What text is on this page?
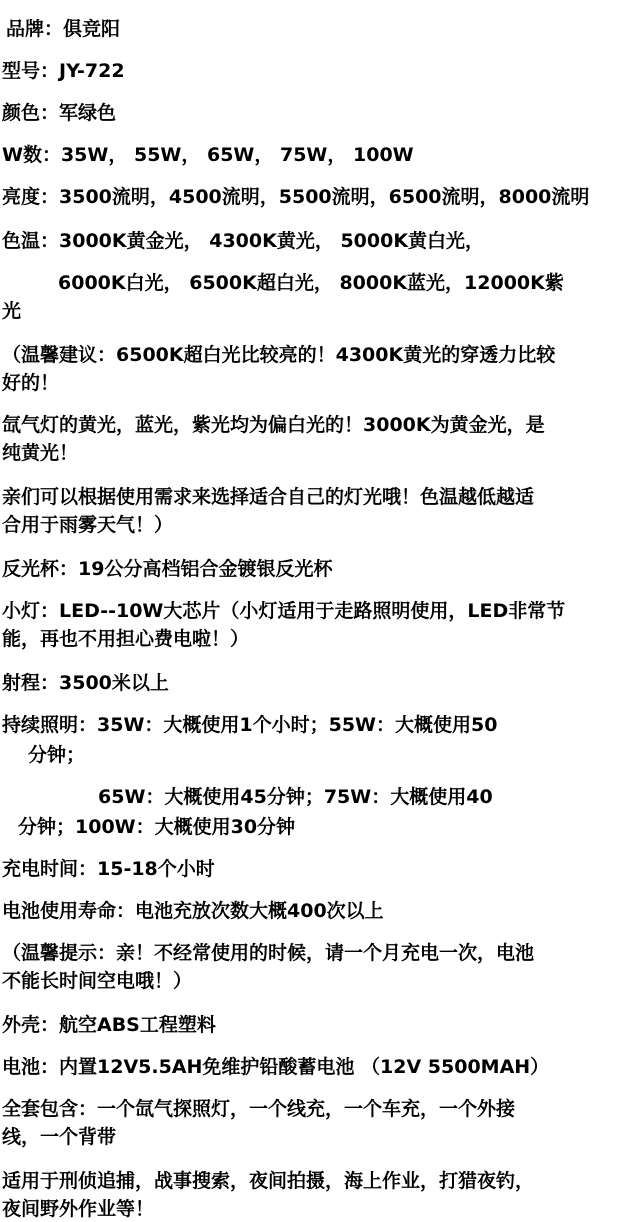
品牌：俱竞阳

型号：JY-722

颜色：军绿色

W数：35W， 55W， 65W， 75W， 100W

亮度：3500流明，4500流明，5500流明，6500流明，8000流明

色温：3000K黄金光， 4300K黄光， 5000K黄白光，

6000K白光， 6500K超白光， 8000K蓝光，12000K紫

光

（温馨建议：6500K超白光比较亮的！4300K黄光的穿透力比较

好的！

氙气灯的黄光，蓝光，紫光均为偏白光的！3000K为黄金光，是

纯黄光！

亲们可以根据使用需求来选择适合自己的灯光哦！色温越低越适

合用于雨雾天气！）

反光杯：19公分高档铝合金镀银反光杯

小灯：LED--10W大芯片（小灯适用于走路照明使用，LED非常节

能，再也不用担心费电啦！）

射程：3500米以上

持续照明：35W：大概使用1个小时；55W：大概使用50

分钟；

65W：大概使用45分钟；75W：大概使用40

分钟；100W：大概使用30分钟

充电时间：15-18个小时

电池使用寿命：电池充放次数大概400次以上

（温馨提示：亲！不经常使用的时候，请一个月充电一次，电池

不能长时间空电哦！）

外壳：航空ABS工程塑料

电池：内置12V5.5AH免维护铅酸蓄电池 （12V 5500MAH）

全套包含：一个氙气探照灯，一个线充，一个车充，一个外接

线，一个背带

适用于刑侦追捕，战事搜索，夜间拍摄，海上作业，打猎夜钓，

夜间野外作业等！
